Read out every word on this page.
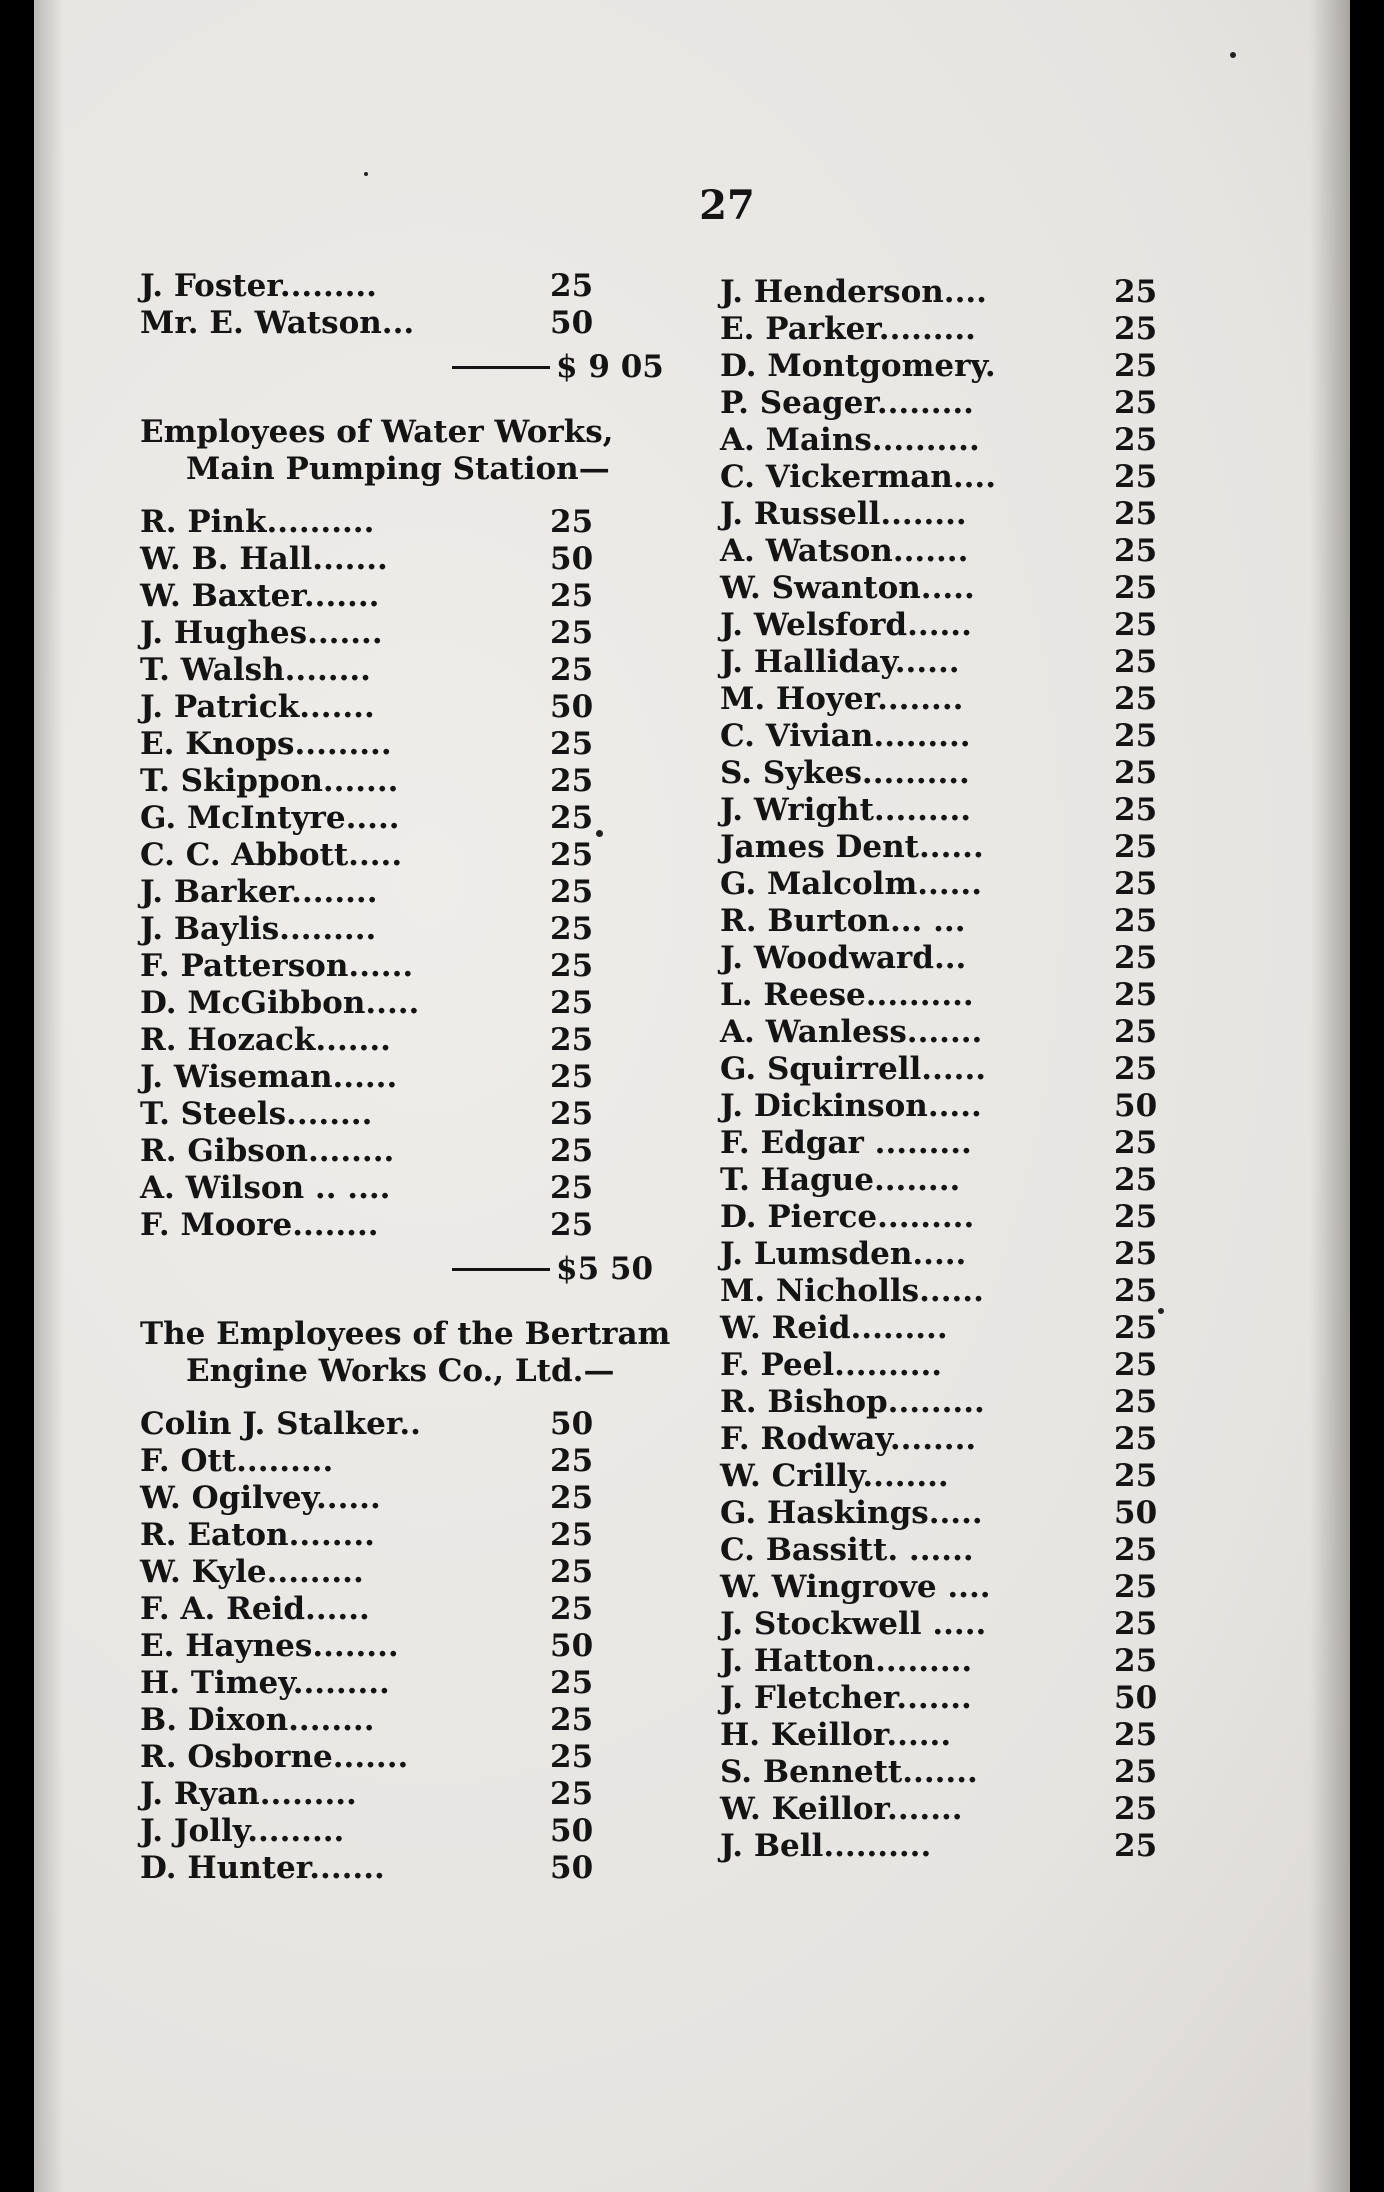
27
J. Foster.........	25
Mr. E. Watson...	50
$ 9 05
Employees of Water Works,
Main Pumping Station—
R. Pink..........	25
W. B. Hall.......	50
W. Baxter.......	25
J. Hughes.......	25
T. Walsh........	25
J. Patrick.......	50
E. Knops.........	25
T. Skippon.......	25
G. McIntyre.....	25
C. C. Abbott.....	25
J. Barker........	25
J. Baylis.........	25
F. Patterson......	25
D. McGibbon.....	25
R. Hozack.......	25
J. Wiseman......	25
T. Steels........	25
R. Gibson........	25
A. Wilson .. ....	25
F. Moore........	25
$5 50
The Employees of the Bertram
Engine Works Co., Ltd.—
Colin J. Stalker..	50
F. Ott.........	25
W. Ogilvey......	25
R. Eaton........	25
W. Kyle.........	25
F. A. Reid......	25
E. Haynes........	50
H. Timey.........	25
B. Dixon........	25
R. Osborne.......	25
J. Ryan.........	25
J. Jolly.........	50
D. Hunter.......	50
J. Henderson....	25
E. Parker.........	25
D. Montgomery.	25
P. Seager.........	25
A. Mains..........	25
C. Vickerman....	25
J. Russell........	25
A. Watson.......	25
W. Swanton.....	25
J. Welsford......	25
J. Halliday......	25
M. Hoyer........	25
C. Vivian.........	25
S. Sykes..........	25
J. Wright.........	25
James Dent......	25
G. Malcolm......	25
R. Burton... ...	25
J. Woodward...	25
L. Reese..........	25
A. Wanless.......	25
G. Squirrell......	25
J. Dickinson.....	50
F. Edgar .........	25
T. Hague........	25
D. Pierce.........	25
J. Lumsden.....	25
M. Nicholls......	25
W. Reid.........	25
F. Peel..........	25
R. Bishop.........	25
F. Rodway........	25
W. Crilly........	25
G. Haskings.....	50
C. Bassitt. ......	25
W. Wingrove ....	25
J. Stockwell .....	25
J. Hatton.........	25
J. Fletcher.......	50
H. Keillor......	25
S. Bennett.......	25
W. Keillor.......	25
J. Bell..........	25
